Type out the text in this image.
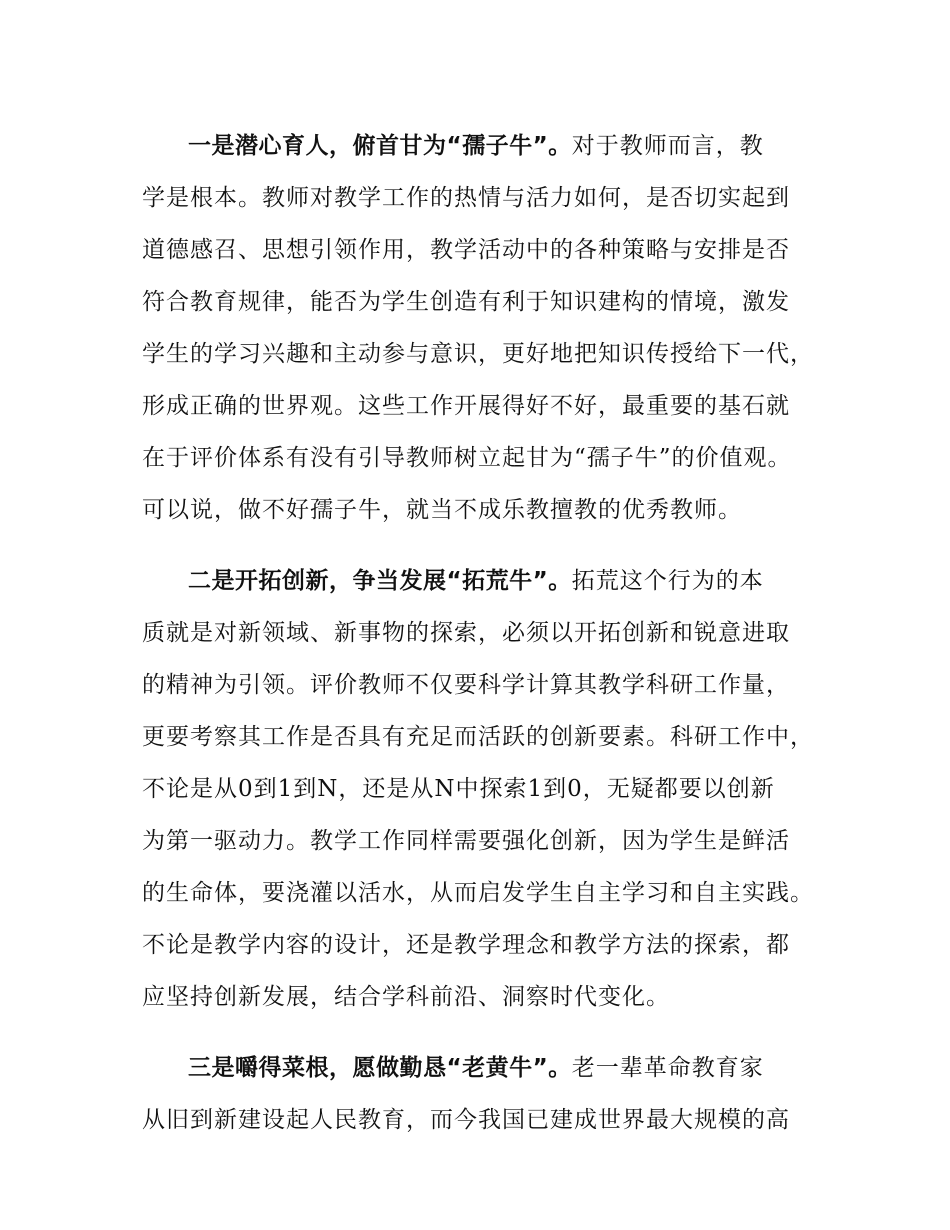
一是潜心育人，俯首甘为“孺子牛”。对于教师而言，教
学是根本。教师对教学工作的热情与活力如何，是否切实起到
道德感召、思想引领作用，教学活动中的各种策略与安排是否
符合教育规律，能否为学生创造有利于知识建构的情境，激发
学生的学习兴趣和主动参与意识，更好地把知识传授给下一代，
形成正确的世界观。这些工作开展得好不好，最重要的基石就
在于评价体系有没有引导教师树立起甘为“孺子牛”的价值观。
可以说，做不好孺子牛，就当不成乐教擅教的优秀教师。

二是开拓创新，争当发展“拓荒牛”。拓荒这个行为的本
质就是对新领域、新事物的探索，必须以开拓创新和锐意进取
的精神为引领。评价教师不仅要科学计算其教学科研工作量，
更要考察其工作是否具有充足而活跃的创新要素。科研工作中，
不论是从0到1到N，还是从N中探索1到0，无疑都要以创新
为第一驱动力。教学工作同样需要强化创新，因为学生是鲜活
的生命体，要浇灌以活水，从而启发学生自主学习和自主实践。
不论是教学内容的设计，还是教学理念和教学方法的探索，都
应坚持创新发展，结合学科前沿、洞察时代变化。

三是嚼得菜根，愿做勤恳“老黄牛”。老一辈革命教育家
从旧到新建设起人民教育，而今我国已建成世界最大规模的高
